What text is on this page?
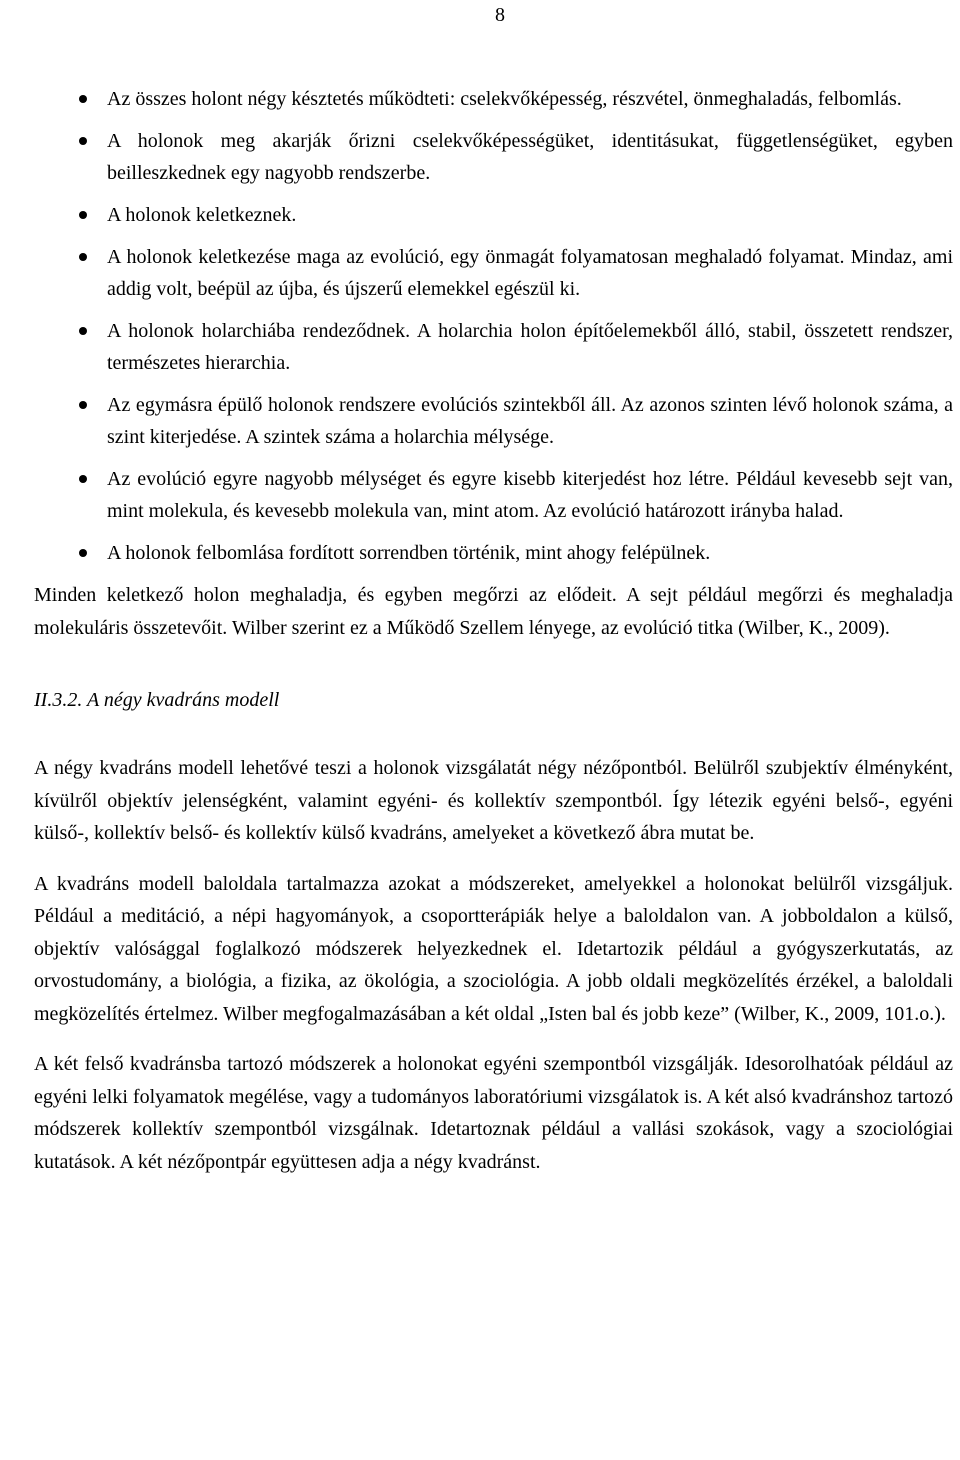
8
Az összes holont négy késztetés működteti: cselekvőképesség, részvétel, önmeghaladás, felbomlás.
A holonok meg akarják őrizni cselekvőképességüket, identitásukat, függetlenségüket, egyben beilleszkednek egy nagyobb rendszerbe.
A holonok keletkeznek.
A holonok keletkezése maga az evolúció, egy önmagát folyamatosan meghaladó folyamat. Mindaz, ami addig volt, beépül az újba, és újszerű elemekkel egészül ki.
A holonok holarchiába rendeződnek. A holarchia holon építőelemekből álló, stabil, összetett rendszer, természetes hierarchia.
Az egymásra épülő holonok rendszere evolúciós szintekből áll. Az azonos szinten lévő holonok száma, a szint kiterjedése. A szintek száma a holarchia mélysége.
Az evolúció egyre nagyobb mélységet és egyre kisebb kiterjedést hoz létre. Például kevesebb sejt van, mint molekula, és kevesebb molekula van, mint atom. Az evolúció határozott irányba halad.
A holonok felbomlása fordított sorrendben történik, mint ahogy felépülnek.

Minden keletkező holon meghaladja, és egyben megőrzi az elődeit. A sejt például megőrzi és meghaladja molekuláris összetevőit. Wilber szerint ez a Működő Szellem lényege, az evolúció titka (Wilber, K., 2009).

II.3.2. A négy kvadráns modell

A négy kvadráns modell lehetővé teszi a holonok vizsgálatát négy nézőpontból. Belülről szubjektív élményként, kívülről objektív jelenségként, valamint egyéni- és kollektív szempontból. Így létezik egyéni belső-, egyéni külső-, kollektív belső- és kollektív külső kvadráns, amelyeket a következő ábra mutat be.

A kvadráns modell baloldala tartalmazza azokat a módszereket, amelyekkel a holonokat belülről vizsgáljuk. Például a meditáció, a népi hagyományok, a csoportterápiák helye a baloldalon van. A jobboldalon a külső, objektív valósággal foglalkozó módszerek helyezkednek el. Idetartozik például a gyógyszerkutatás, az orvostudomány, a biológia, a fizika, az ökológia, a szociológia. A jobb oldali megközelítés érzékel, a baloldali megközelítés értelmez. Wilber megfogalmazásában a két oldal „Isten bal és jobb keze” (Wilber, K., 2009, 101.o.).

A két felső kvadránsba tartozó módszerek a holonokat egyéni szempontból vizsgálják. Idesorolhatóak például az egyéni lelki folyamatok megélése, vagy a tudományos laboratóriumi vizsgálatok is. A két alsó kvadránshoz tartozó módszerek kollektív szempontból vizsgálnak. Idetartoznak például a vallási szokások, vagy a szociológiai kutatások. A két nézőpontpár együttesen adja a négy kvadránst.
